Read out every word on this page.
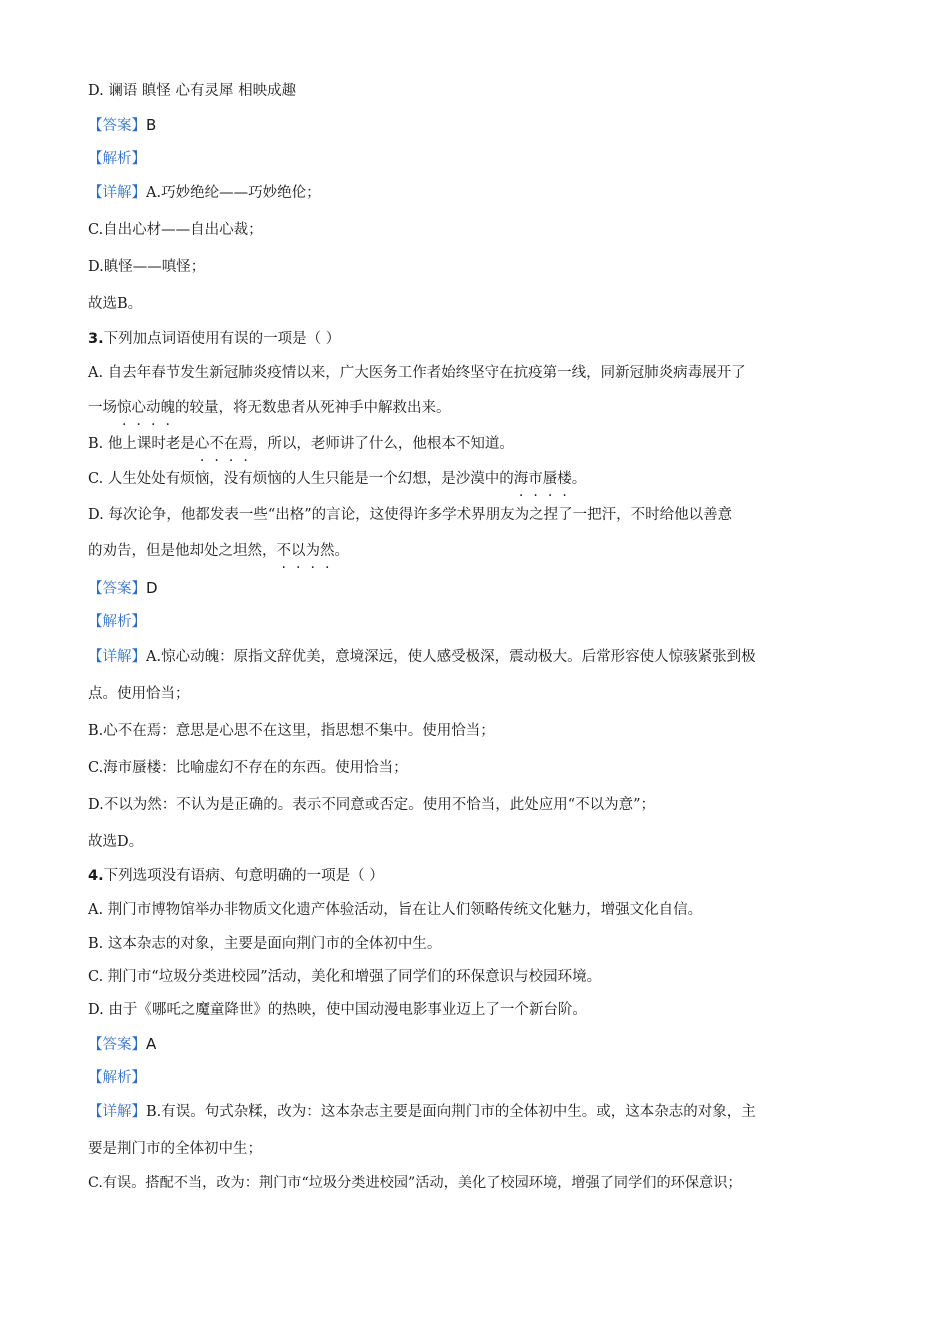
D. 谰语 瞋怪 心有灵犀 相映成趣
【答案】B
【解析】
【详解】A.巧妙绝纶——巧妙绝伦；
C.自出心材——自出心裁；
D.瞋怪——嗔怪；
故选B。
3.下列加点词语使用有误的一项是（ ）
A. 自去年春节发生新冠肺炎疫情以来，广大医务工作者始终坚守在抗疫第一线，同新冠肺炎病毒展开了
一场惊心动魄的较量，将无数患者从死神手中解救出来。
B. 他上课时老是心不在焉，所以，老师讲了什么，他根本不知道。
C. 人生处处有烦恼，没有烦恼的人生只能是一个幻想，是沙漠中的海市蜃楼。
D. 每次论争，他都发表一些“出格”的言论，这使得许多学术界朋友为之捏了一把汗，不时给他以善意
的劝告，但是他却处之坦然，不以为然。
【答案】D
【解析】
【详解】A.惊心动魄：原指文辞优美，意境深远，使人感受极深，震动极大。后常形容使人惊骇紧张到极
点。使用恰当；
B.心不在焉：意思是心思不在这里，指思想不集中。使用恰当；
C.海市蜃楼：比喻虚幻不存在的东西。使用恰当；
D.不以为然：不认为是正确的。表示不同意或否定。使用不恰当，此处应用“不以为意”；
故选D。
4.下列选项没有语病、句意明确的一项是（ ）
A. 荆门市博物馆举办非物质文化遗产体验活动，旨在让人们领略传统文化魅力，增强文化自信。
B. 这本杂志的对象，主要是面向荆门市的全体初中生。
C. 荆门市“垃圾分类进校园”活动，美化和增强了同学们的环保意识与校园环境。
D. 由于《哪吒之魔童降世》的热映，使中国动漫电影事业迈上了一个新台阶。
【答案】A
【解析】
【详解】B.有误。句式杂糅，改为：这本杂志主要是面向荆门市的全体初中生。或，这本杂志的对象，主
要是荆门市的全体初中生；
C.有误。搭配不当，改为：荆门市“垃圾分类进校园”活动，美化了校园环境，增强了同学们的环保意识；
